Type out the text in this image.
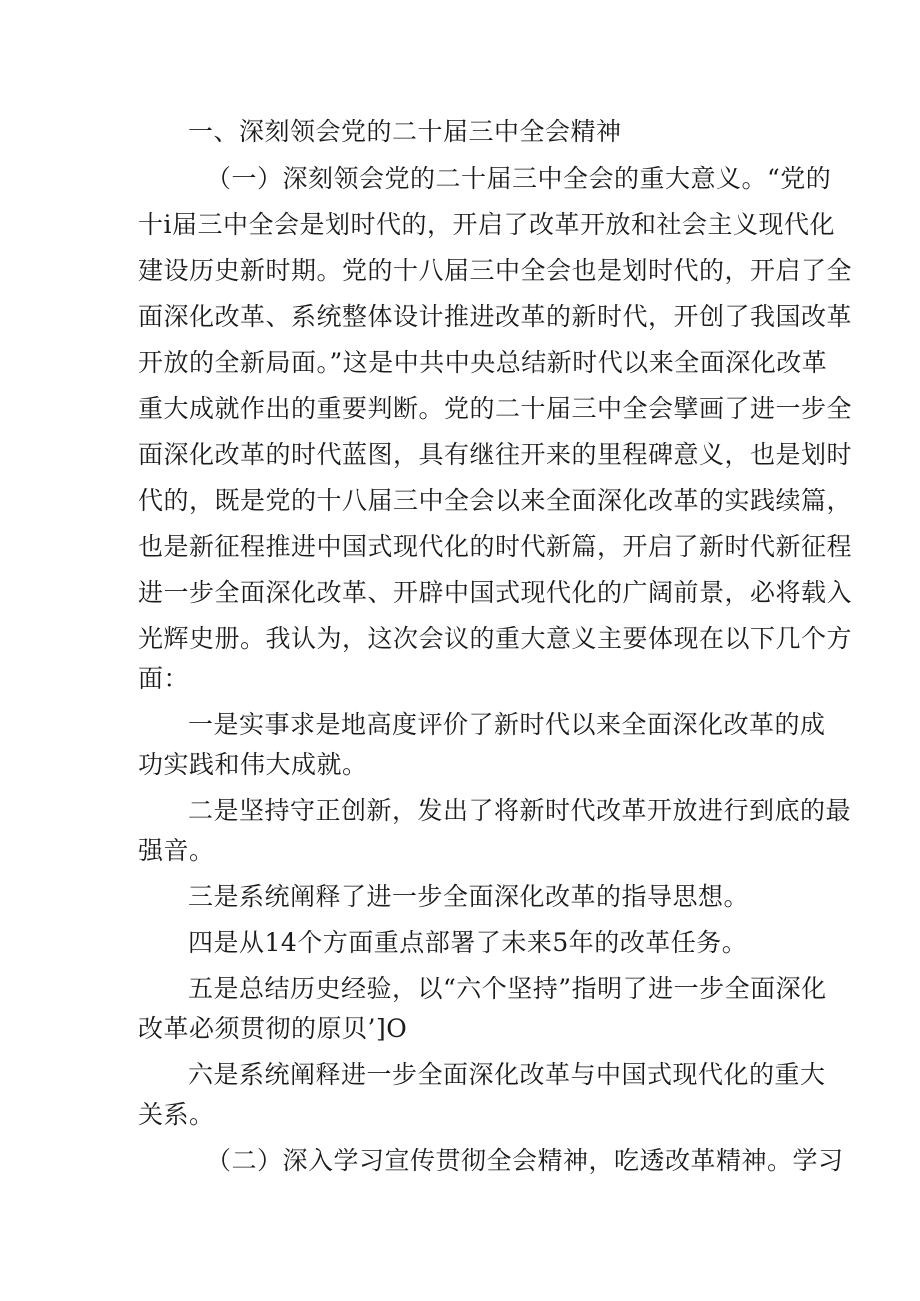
一、深刻领会党的二十届三中全会精神
（一）深刻领会党的二十届三中全会的重大意义。“党的
十i届三中全会是划时代的，开启了改革开放和社会主义现代化
建设历史新时期。党的十八届三中全会也是划时代的，开启了全
面深化改革、系统整体设计推进改革的新时代，开创了我国改革
开放的全新局面。”这是中共中央总结新时代以来全面深化改革
重大成就作出的重要判断。党的二十届三中全会擘画了进一步全
面深化改革的时代蓝图，具有继往开来的里程碑意义，也是划时
代的，既是党的十八届三中全会以来全面深化改革的实践续篇，
也是新征程推进中国式现代化的时代新篇，开启了新时代新征程
进一步全面深化改革、开辟中国式现代化的广阔前景，必将载入
光辉史册。我认为，这次会议的重大意义主要体现在以下几个方
面：
一是实事求是地高度评价了新时代以来全面深化改革的成
功实践和伟大成就。
二是坚持守正创新，发出了将新时代改革开放进行到底的最
强音。
三是系统阐释了进一步全面深化改革的指导思想。
四是从14个方面重点部署了未来5年的改革任务。
五是总结历史经验，以“六个坚持”指明了进一步全面深化
改革必须贯彻的原贝’]O
六是系统阐释进一步全面深化改革与中国式现代化的重大
关系。
（二）深入学习宣传贯彻全会精神，吃透改革精神。学习
